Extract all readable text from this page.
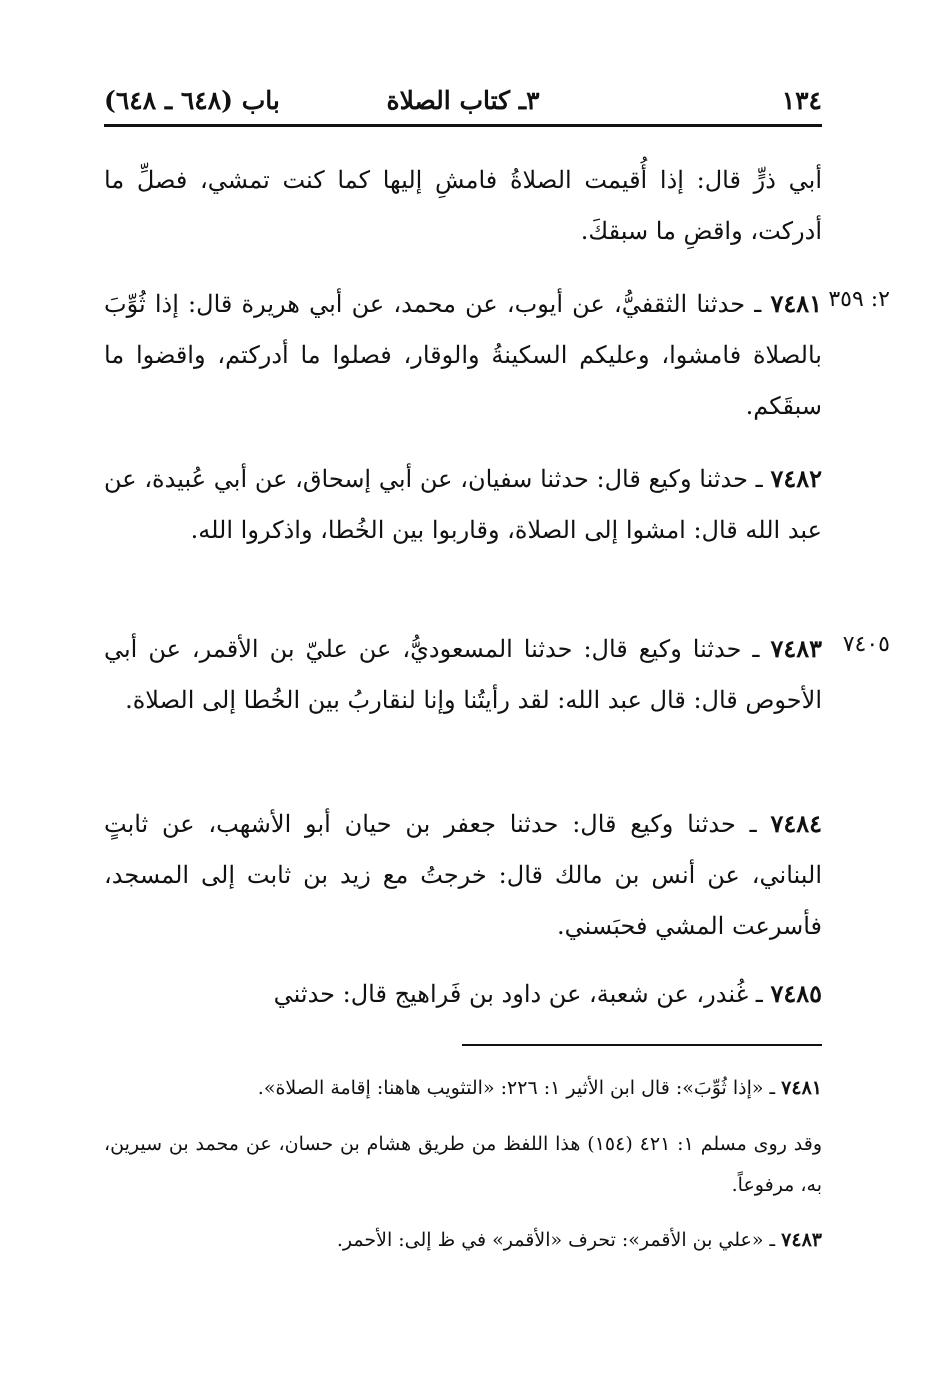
١٣٤
٣ـ كتاب الصلاة
باب (٦٤٨ ـ ٦٤٨)

أبي ذرٍّ قال: إذا أُقيمت الصلاةُ فامشِ إليها كما كنت تمشي، فصلِّ ما أدركت، واقضِ ما سبقكَ.

٢: ٣٥٩

٧٤٨١ ـ حدثنا الثقفيُّ، عن أيوب، عن محمد، عن أبي هريرة قال: إذا ثُوِّبَ بالصلاة فامشوا، وعليكم السكينةُ والوقار، فصلوا ما أدركتم، واقضوا ما سبقَكم.

٧٤٨٢ ـ حدثنا وكيع قال: حدثنا سفيان، عن أبي إسحاق، عن أبي عُبيدة، عن عبد الله قال: امشوا إلى الصلاة، وقاربوا بين الخُطا، واذكروا الله.

٧٤٠٥

٧٤٨٣ ـ حدثنا وكيع قال: حدثنا المسعوديُّ، عن عليّ بن الأقمر، عن أبي الأحوص قال: قال عبد الله: لقد رأيتُنا وإنا لنقاربُ بين الخُطا إلى الصلاة.

٧٤٨٤ ـ حدثنا وكيع قال: حدثنا جعفر بن حيان أبو الأشهب، عن ثابتٍ البناني، عن أنس بن مالك قال: خرجتُ مع زيد بن ثابت إلى المسجد، فأسرعت المشي فحبَسني.

٧٤٨٥ ـ غُندر، عن شعبة، عن داود بن فَراهيج قال: حدثني

٧٤٨١ ـ «إذا ثُوِّبَ»: قال ابن الأثير ١: ٢٢٦: «التثويب هاهنا: إقامة الصلاة».

وقد روى مسلم ١: ٤٢١ (١٥٤) هذا اللفظ من طريق هشام بن حسان، عن محمد بن سيرين، به، مرفوعاً.

٧٤٨٣ ـ «علي بن الأقمر»: تحرف «الأقمر» في ظ إلى: الأحمر.
